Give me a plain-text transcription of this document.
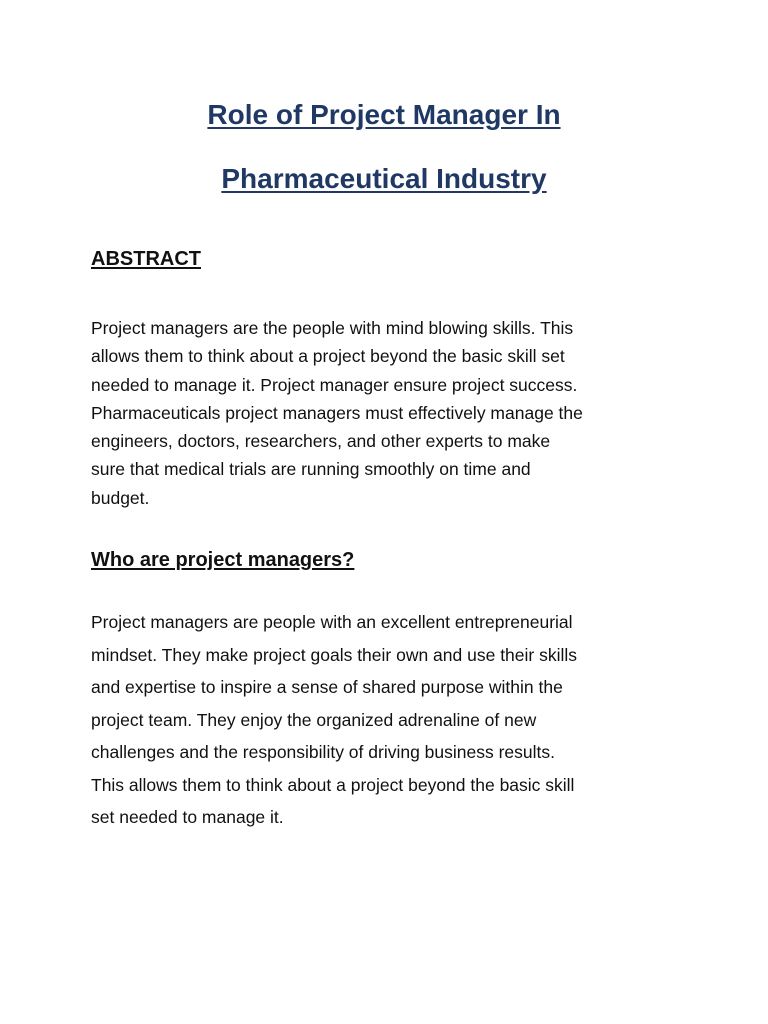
Role of Project Manager In
Pharmaceutical Industry
ABSTRACT
Project managers are the people with mind blowing skills. This
allows them to think about a project beyond the basic skill set
needed to manage it. Project manager ensure project success.
Pharmaceuticals project managers must effectively manage the
engineers, doctors, researchers, and other experts to make
sure that medical trials are running smoothly on time and
budget.
Who are project managers?
Project managers are people with an excellent entrepreneurial
mindset. They make project goals their own and use their skills
and expertise to inspire a sense of shared purpose within the
project team. They enjoy the organized adrenaline of new
challenges and the responsibility of driving business results.
This allows them to think about a project beyond the basic skill
set needed to manage it.
